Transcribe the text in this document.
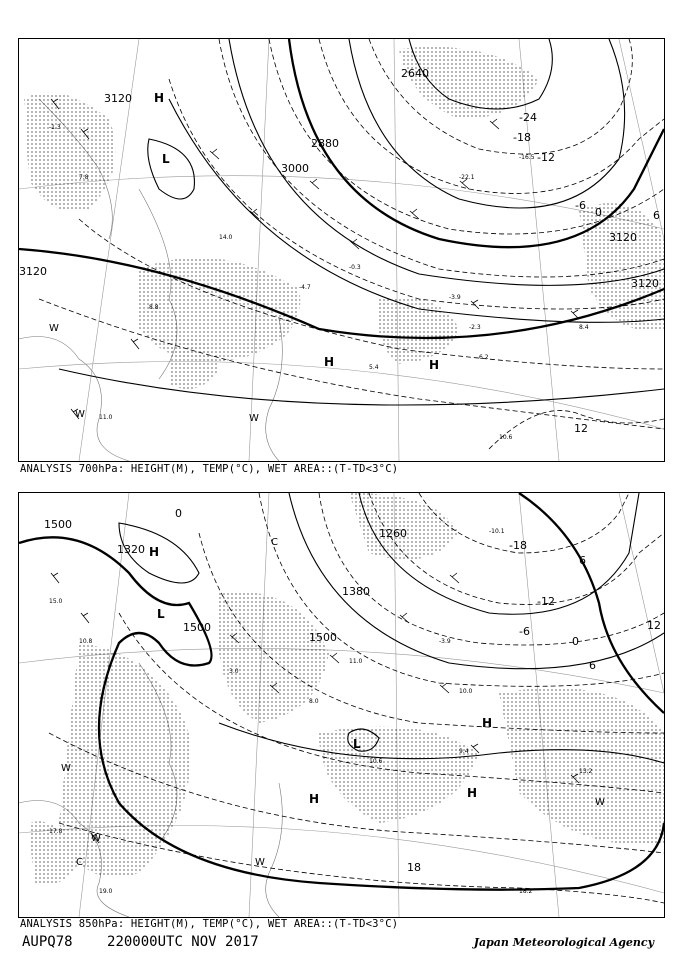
-1.3
7.8
14.0
-4.7
-0.3
-3.9
-2.3
6.2
8.4
10.6
11.0
8.8
-22.1
-16.5
5.4
3120
3000
2880
2640
3120
3120
3120
-24
-18
-12
-6
0	6
12
H
L
H	H
W
W	W
ANALYSIS 700hPa: HEIGHT(M), TEMP(°C), WET AREA::(T-TD<3°C)
15.0
10.8
3.0
8.0
11.0
-3.9
10.0
9.4
13.2
18.2
17.8
19.0
10.6
-10.1
1500
1320
1500
1500
1260
1380
-18
-12
-6
0
6
18
0
6
12
H
L
L
H
H	H
C
C
W
W
W
W
ANALYSIS 850hPa: HEIGHT(M), TEMP(°C), WET AREA::(T-TD<3°C)
AUPQ78 220000UTC NOV 2017	Japan Meteorological Agency
